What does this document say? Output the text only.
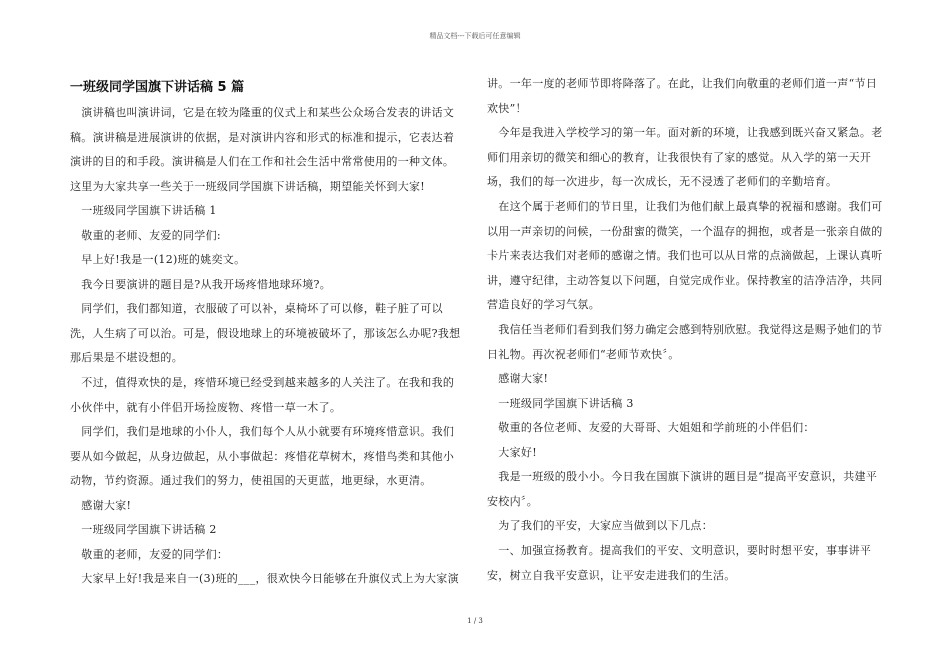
精品文档---下载后可任意编辑
一班级同学国旗下讲话稿 5 篇

　演讲稿也叫演讲词，它是在较为隆重的仪式上和某些公众场合发表的讲话文稿。演讲稿是进展演讲的依据，是对演讲内容和形式的标准和提示，它表达着演讲的目的和手段。演讲稿是人们在工作和社会生活中常常使用的一种文体。这里为大家共享一些关于一班级同学国旗下讲话稿，期望能关怀到大家!

　一班级同学国旗下讲话稿 1

　敬重的老师、友爱的同学们:

　早上好!我是一(12)班的姚奕文。

　我今日要演讲的题目是?从我开场疼惜地球环境?。

　同学们，我们都知道，衣服破了可以补，桌椅坏了可以修，鞋子脏了可以洗，人生病了可以治。可是，假设地球上的环境被破坏了，那该怎么办呢?我想那后果是不堪设想的。

　不过，值得欢快的是，疼惜环境已经受到越来越多的人关注了。在我和我的小伙伴中，就有小伴侣开场捡废物、疼惜一草一木了。

　同学们，我们是地球的小仆人，我们每个人从小就要有环境疼惜意识。我们要从如今做起，从身边做起，从小事做起：疼惜花草树木，疼惜鸟类和其他小动物，节约资源。通过我们的努力，使祖国的天更蓝，地更绿，水更清。

　感谢大家!

　一班级同学国旗下讲话稿 2

　敬重的老师，友爱的同学们：

　大家早上好!我是来自一(3)班的___，很欢快今日能够在升旗仪式上为大家演

讲。一年一度的老师节即将降落了。在此，让我们向敬重的老师们道一声“节日欢快”！

　今年是我进入学校学习的第一年。面对新的环境，让我感到既兴奋又紧急。老师们用亲切的微笑和细心的教育，让我很快有了家的感觉。从入学的第一天开场，我们的每一次进步，每一次成长，无不浸透了老师们的辛勤培育。

　在这个属于老师们的节日里，让我们为他们献上最真挚的祝福和感谢。我们可以用一声亲切的问候，一份甜蜜的微笑，一个温存的拥抱，或者是一张亲自做的卡片来表达我们对老师的感谢之情。我们也可以从日常的点滴做起，上课认真听讲，遵守纪律，主动答复以下问题，自觉完成作业。保持教室的洁净洁净，共同营造良好的学习气氛。

　我信任当老师们看到我们努力确定会感到特别欣慰。我觉得这是赐予她们的节日礼物。再次祝老师们“老师节欢快〞。

　感谢大家!

　一班级同学国旗下讲话稿 3

　敬重的各位老师、友爱的大哥哥、大姐姐和学前班的小伴侣们：

　大家好!

　我是一班级的殷小小。今日我在国旗下演讲的题目是“提高平安意识，共建平安校内〞。

　为了我们的平安，大家应当做到以下几点：

　一、加强宣扬教育。提高我们的平安、文明意识，要时时想平安，事事讲平安，树立自我平安意识，让平安走进我们的生活。

1 / 3
